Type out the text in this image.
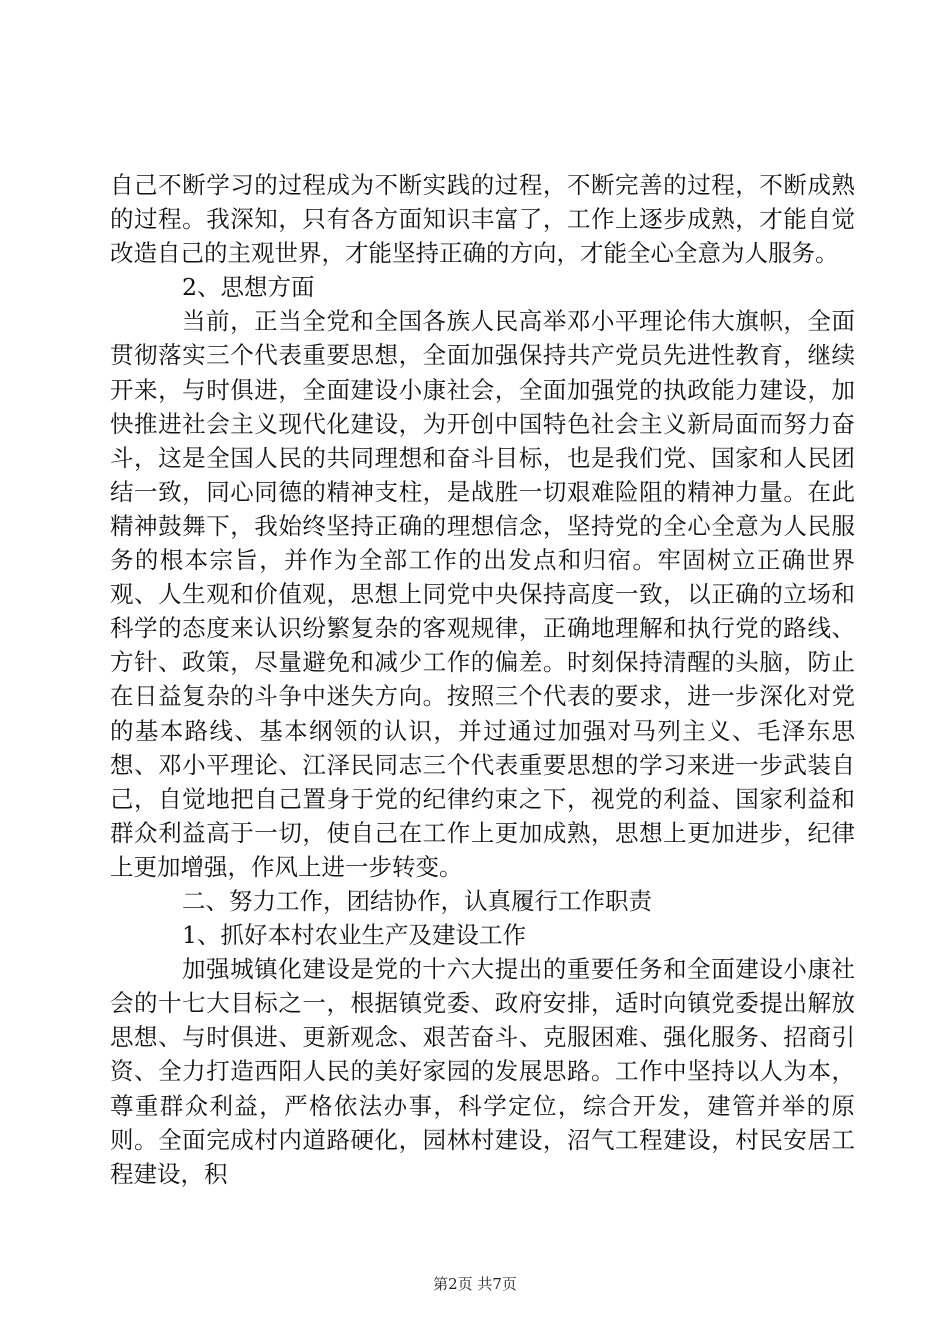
自己不断学习的过程成为不断实践的过程，不断完善的过程，不断成熟的过程。我深知，只有各方面知识丰富了，工作上逐步成熟，才能自觉改造自己的主观世界，才能坚持正确的方向，才能全心全意为人服务。

2、思想方面

当前，正当全党和全国各族人民高举邓小平理论伟大旗帜，全面贯彻落实三个代表重要思想，全面加强保持共产党员先进性教育，继续开来，与时俱进，全面建设小康社会，全面加强党的执政能力建设，加快推进社会主义现代化建设，为开创中国特色社会主义新局面而努力奋斗，这是全国人民的共同理想和奋斗目标，也是我们党、国家和人民团结一致，同心同德的精神支柱，是战胜一切艰难险阻的精神力量。在此精神鼓舞下，我始终坚持正确的理想信念，坚持党的全心全意为人民服务的根本宗旨，并作为全部工作的出发点和归宿。牢固树立正确世界观、人生观和价值观，思想上同党中央保持高度一致，以正确的立场和科学的态度来认识纷繁复杂的客观规律，正确地理解和执行党的路线、方针、政策，尽量避免和减少工作的偏差。时刻保持清醒的头脑，防止在日益复杂的斗争中迷失方向。按照三个代表的要求，进一步深化对党的基本路线、基本纲领的认识，并过通过加强对马列主义、毛泽东思想、邓小平理论、江泽民同志三个代表重要思想的学习来进一步武装自己，自觉地把自己置身于党的纪律约束之下，视党的利益、国家利益和群众利益高于一切，使自己在工作上更加成熟，思想上更加进步，纪律上更加增强，作风上进一步转变。

二、努力工作，团结协作，认真履行工作职责

1、抓好本村农业生产及建设工作

加强城镇化建设是党的十六大提出的重要任务和全面建设小康社会的十七大目标之一，根据镇党委、政府安排，适时向镇党委提出解放思想、与时俱进、更新观念、艰苦奋斗、克服困难、强化服务、招商引资、全力打造西阳人民的美好家园的发展思路。工作中坚持以人为本，尊重群众利益，严格依法办事，科学定位，综合开发，建管并举的原则。全面完成村内道路硬化，园林村建设，沼气工程建设，村民安居工程建设，积

第2页 共7页
